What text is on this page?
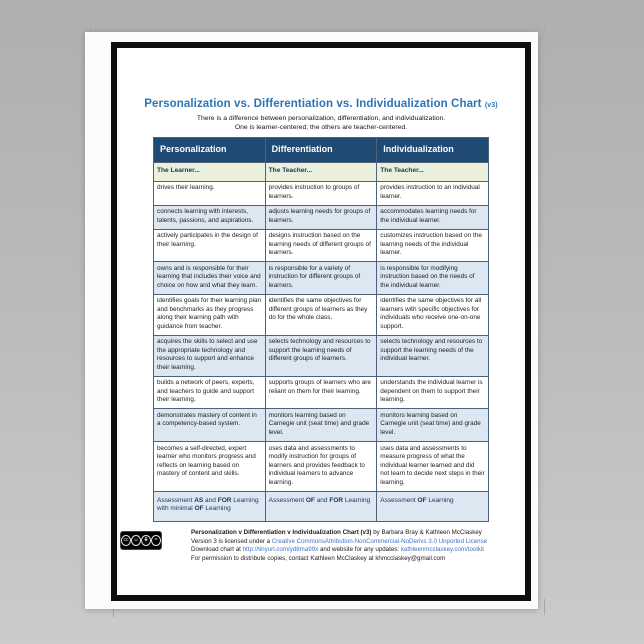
Personalization vs. Differentiation vs. Individualization Chart (v3)
There is a difference between personalization, differentiation, and individualization.
One is learner-centered; the others are teacher-centered.
Personalization	Differentiation	Individualization
The Learner...	The Teacher...	The Teacher...
drives their learning.	provides instruction to groups of learners.	provides instruction to an individual learner.
connects learning with interests, talents, passions, and aspirations.	adjusts learning needs for groups of learners.	accommodates learning needs for the individual learner.
actively participates in the design of their learning.	designs instruction based on the learning needs of different groups of learners.	customizes instruction based on the learning needs of the individual learner.
owns and is responsible for their learning that includes their voice and choice on how and what they learn.	is responsible for a variety of instruction for different groups of learners.	is responsible for modifying instruction based on the needs of the individual learner.
identifies goals for their learning plan and benchmarks as they progress along their learning path with guidance from teacher.	identifies the same objectives for different groups of learners as they do for the whole class.	identifies the same objectives for all learners with specific objectives for individuals who receive one-on-one support.
acquires the skills to select and use the appropriate technology and resources to support and enhance their learning.	selects technology and resources to support the learning needs of different groups of learners.	selects technology and resources to support the learning needs of the individual learner.
builds a network of peers, experts, and teachers to guide and support their learning.	supports groups of learners who are reliant on them for their learning.	understands the individual learner is dependent on them to support their learning.
demonstrates mastery of content in a competency-based system.	monitors learning based on Carnegie unit (seat time) and grade level.	monitors learning based on Carnegie unit (seat time) and grade level.
becomes a self-directed, expert learner who monitors progress and reflects on learning based on mastery of content and skills.	uses data and assessments to modify instruction for groups of learners and provides feedback to individual learners to advance learning.	uses data and assessments to measure progress of what the individual learner learned and did not learn to decide next steps in their learning.
Assessment AS and FOR Learning with minimal OF Learning	Assessment OF and FOR Learning	Assessment OF Learning
cc ☺	$	=
Personalization v Differentiation v Individualization Chart (v3) by Barbara Bray & Kathleen McClaskey
Version 3 is licensed under a Creative CommonsAttribution-NonCommercial-NoDerivs 3.0 Unported License
Download chart at http://tinyurl.com/yd8ma99x and website for any updates: kathleenmcclaskey.com/toolkit
For permission to distribute copies, contact Kathleen McClaskey at khmcclaskey@gmail.com
